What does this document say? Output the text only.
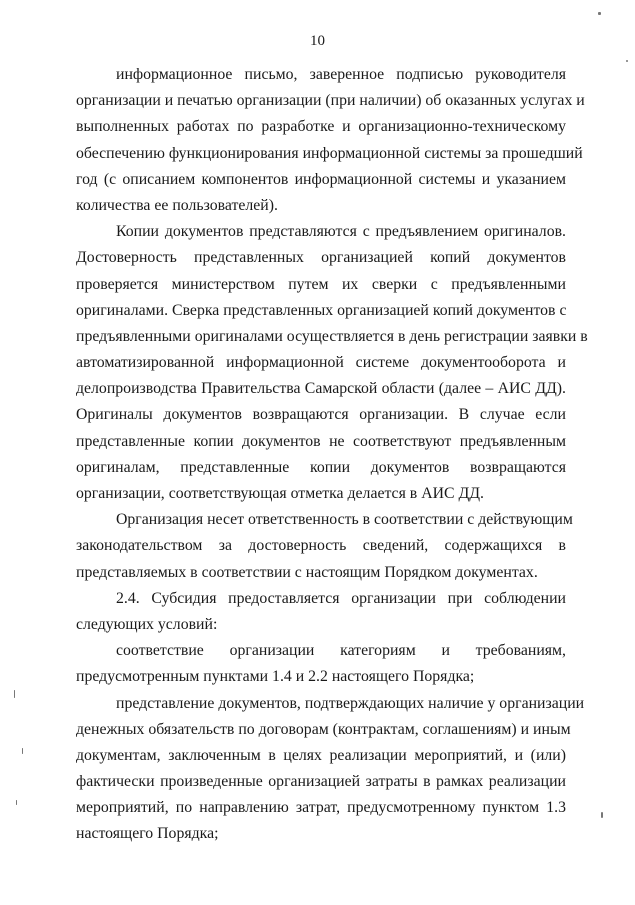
10
информационное письмо, заверенное подписью руководителя
организации и печатью организации (при наличии) об оказанных услугах и
выполненных работах по разработке и организационно-техническому
обеспечению функционирования информационной системы за прошедший
год (с описанием компонентов информационной системы и указанием
количества ее пользователей).
Копии документов представляются с предъявлением оригиналов.
Достоверность представленных организацией копий документов
проверяется министерством путем их сверки с предъявленными
оригиналами. Сверка представленных организацией копий документов с
предъявленными оригиналами осуществляется в день регистрации заявки в
автоматизированной информационной системе документооборота и
делопроизводства Правительства Самарской области (далее – АИС ДД).
Оригиналы документов возвращаются организации. В случае если
представленные копии документов не соответствуют предъявленным
оригиналам, представленные копии документов возвращаются
организации, соответствующая отметка делается в АИС ДД.
Организация несет ответственность в соответствии с действующим
законодательством за достоверность сведений, содержащихся в
представляемых в соответствии с настоящим Порядком документах.
2.4. Субсидия предоставляется организации при соблюдении
следующих условий:
соответствие организации категориям и требованиям,
предусмотренным пунктами 1.4 и 2.2 настоящего Порядка;
представление документов, подтверждающих наличие у организации
денежных обязательств по договорам (контрактам, соглашениям) и иным
документам, заключенным в целях реализации мероприятий, и (или)
фактически произведенные организацией затраты в рамках реализации
мероприятий, по направлению затрат, предусмотренному пунктом 1.3
настоящего Порядка;
